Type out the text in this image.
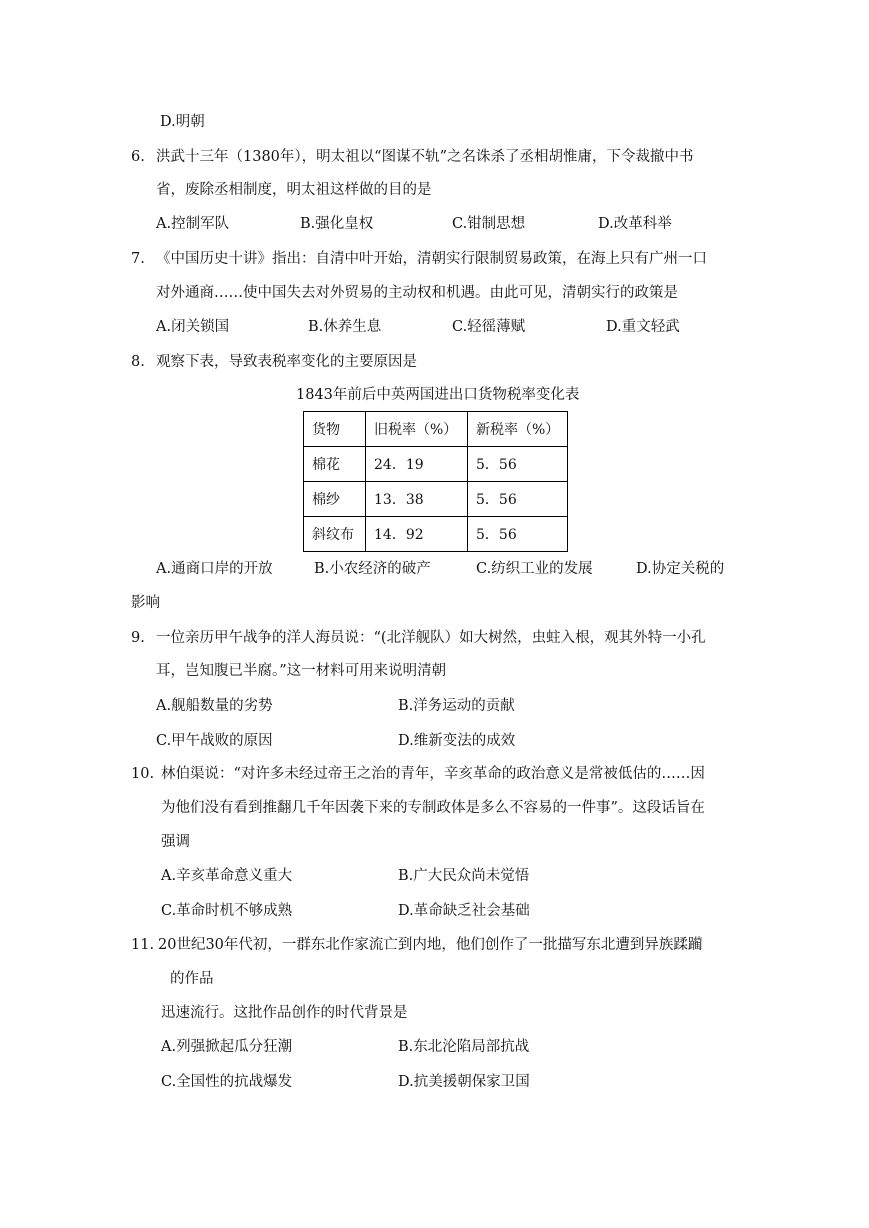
D.明朝
6. 洪武十三年（1380年），明太祖以“图谋不轨”之名诛杀了丞相胡惟庸，下令裁撤中书
省，废除丞相制度，明太祖这样做的目的是
A.控制军队	B.强化皇权	C.钳制思想	D.改革科举
7. 《中国历史十讲》指出：自清中叶开始，清朝实行限制贸易政策，在海上只有广州一口
对外通商……使中国失去对外贸易的主动权和机遇。由此可见，清朝实行的政策是
A.闭关锁国	B.休养生息	C.轻徭薄赋	D.重文轻武
8. 观察下表，导致表税率变化的主要原因是
1843年前后中英两国进出口货物税率变化表
货物	旧税率（%）	新税率（%）
棉花	24．19	5．56
棉纱	13．38	5．56
斜纹布	14．92	5．56
A.通商口岸的开放	B.小农经济的破产	C.纺织工业的发展	D.协定关税的
影响
9. 一位亲历甲午战争的洋人海员说：“(北洋舰队）如大树然，虫蛀入根，观其外特一小孔
耳，岂知腹已半腐。”这一材料可用来说明清朝
A.舰船数量的劣势	B.洋务运动的贡献
C.甲午战败的原因	D.维新变法的成效
10. 林伯渠说：“对许多未经过帝王之治的青年，辛亥革命的政治意义是常被低估的……因
为他们没有看到推翻几千年因袭下来的专制政体是多么不容易的一件事”。这段话旨在
强调
A.辛亥革命意义重大	B.广大民众尚未觉悟
C.革命时机不够成熟	D.革命缺乏社会基础
11. 20世纪30年代初，一群东北作家流亡到内地，他们创作了一批描写东北遭到异族蹂躏
的作品
迅速流行。这批作品创作的时代背景是
A.列强掀起瓜分狂潮	B.东北沦陷局部抗战
C.全国性的抗战爆发	D.抗美援朝保家卫国
